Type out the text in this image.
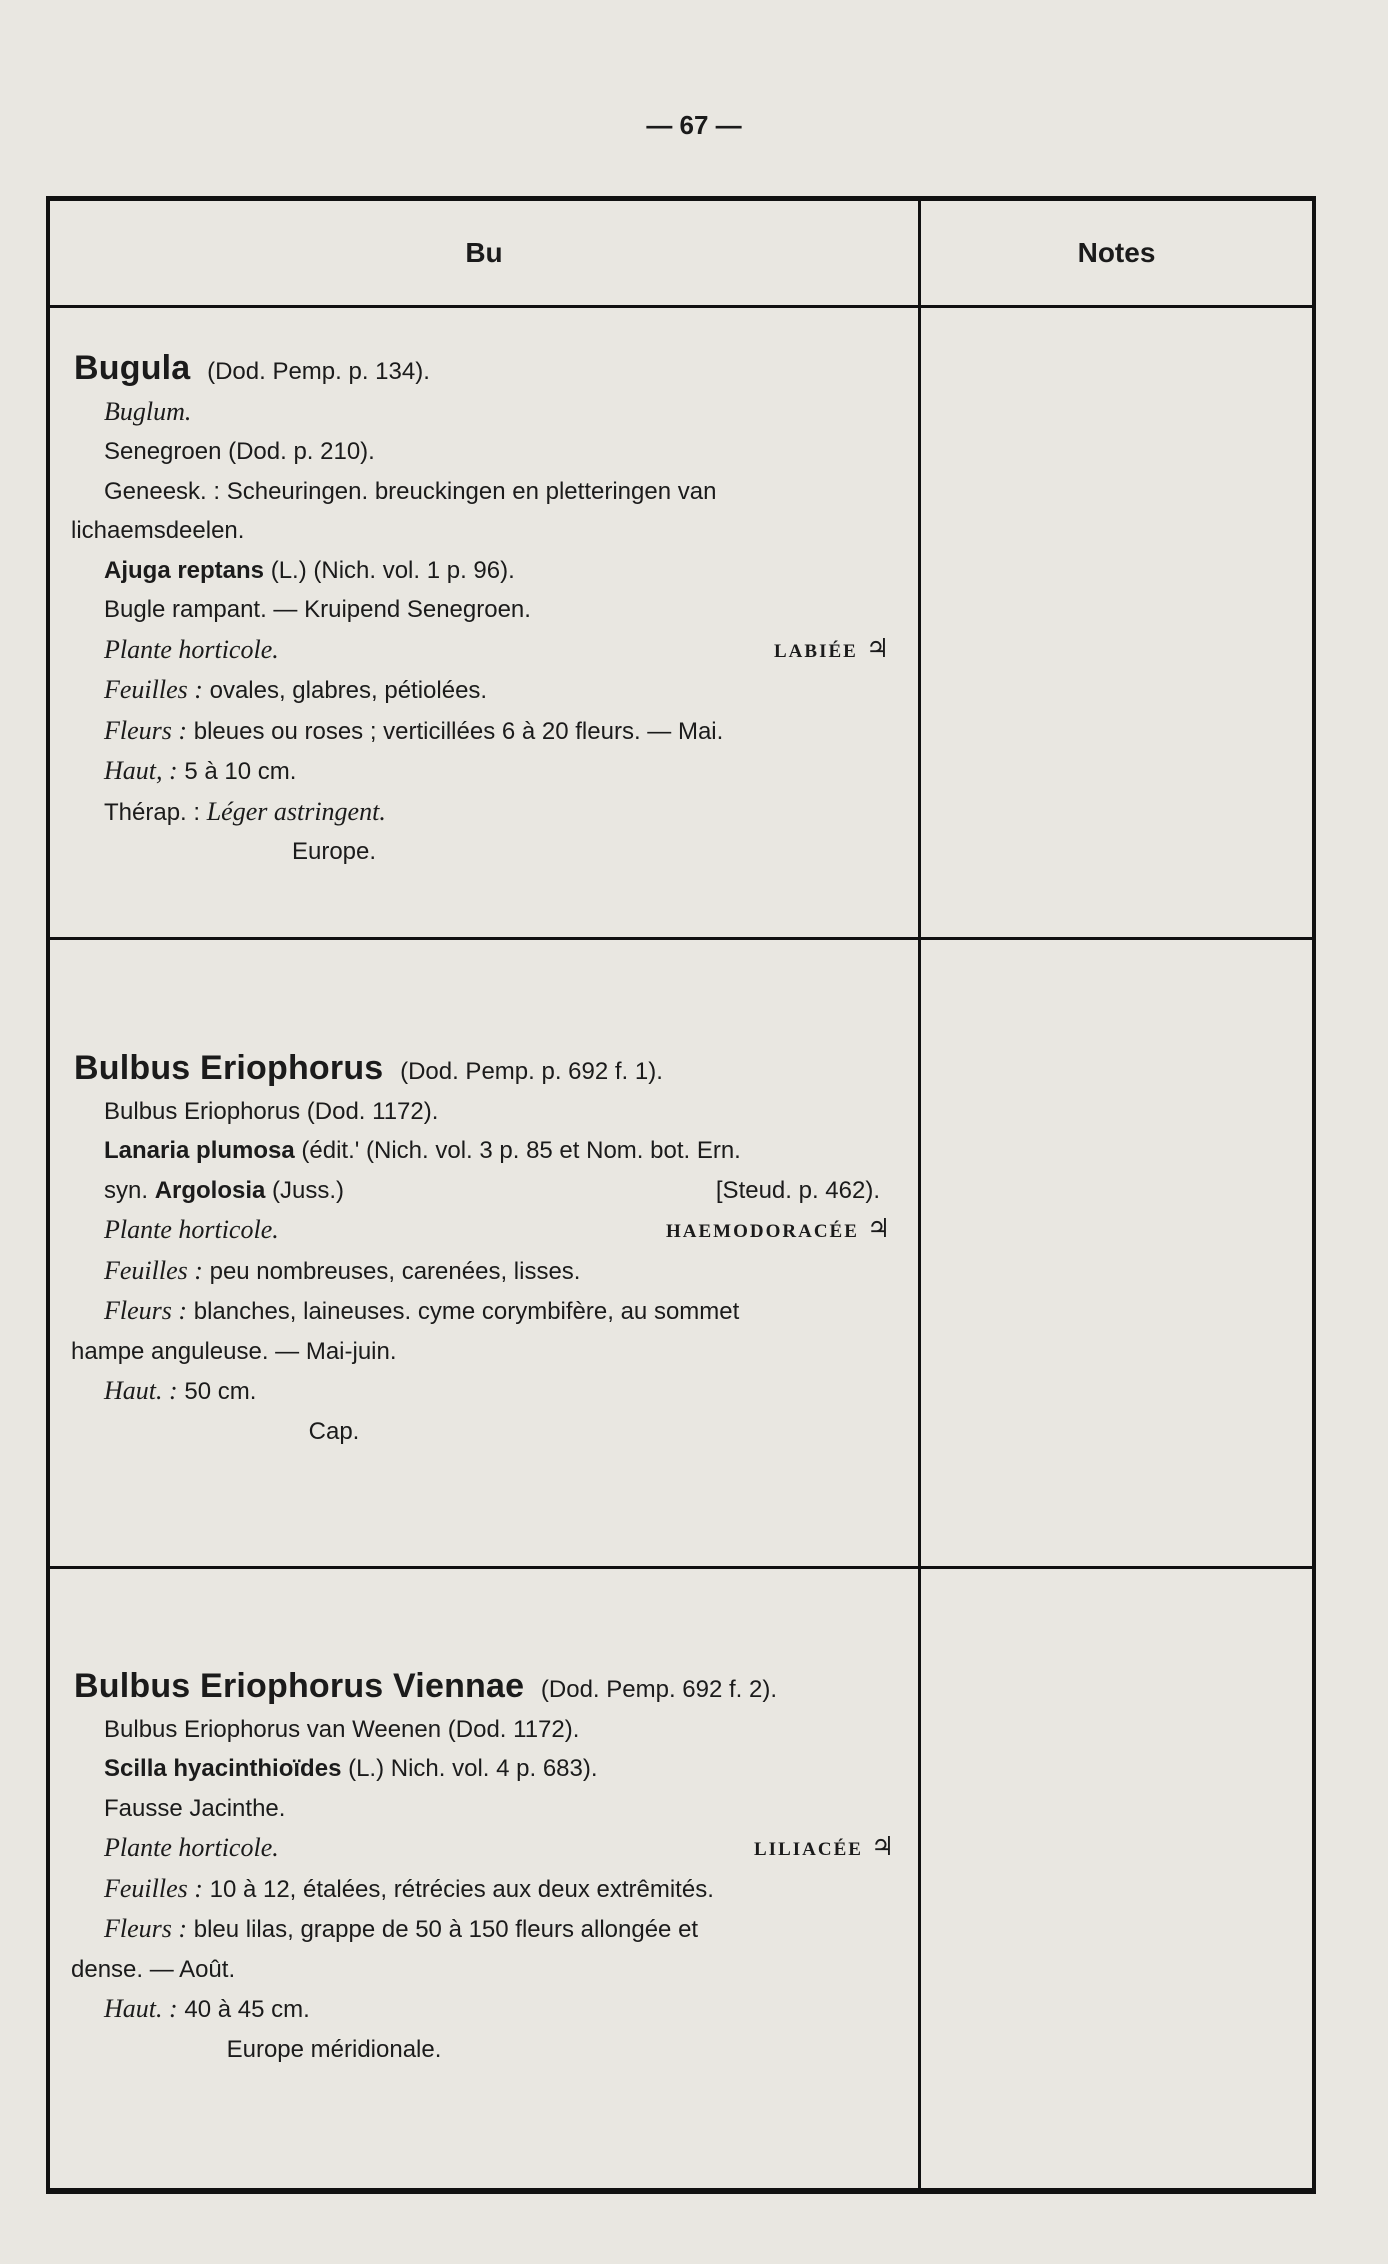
— 67 —
Bu	Notes
Bugula (Dod. Pemp. p. 134).
Buglum.
Senegroen (Dod. p. 210).
Geneesk. : Scheuringen. breuckingen en pletteringen van
lichaemsdeelen.
Ajuga reptans (L.) (Nich. vol. 1 p. 96).
Bugle rampant. — Kruipend Senegroen.
Plante horticole.	LABIÉE ♃
Feuilles : ovales, glabres, pétiolées.
Fleurs : bleues ou roses ; verticillées 6 à 20 fleurs. — Mai.
Haut, : 5 à 10 cm.
Thérap. : Léger astringent.
Europe.
Bulbus Eriophorus (Dod. Pemp. p. 692 f. 1).
Bulbus Eriophorus (Dod. 1172).
Lanaria plumosa (édit.' (Nich. vol. 3 p. 85 et Nom. bot. Ern.
syn. Argolosia (Juss.)	[Steud. p. 462).
Plante horticole.	HAEMODORACÉE ♃
Feuilles : peu nombreuses, carenées, lisses.
Fleurs : blanches, laineuses. cyme corymbifère, au sommet
hampe anguleuse. — Mai-juin.
Haut. : 50 cm.
Cap.
Bulbus Eriophorus Viennae (Dod. Pemp. 692 f. 2).
Bulbus Eriophorus van Weenen (Dod. 1172).
Scilla hyacinthioïdes (L.) Nich. vol. 4 p. 683).
Fausse Jacinthe.
Plante horticole.	LILIACÉE ♃
Feuilles : 10 à 12, étalées, rétrécies aux deux extrêmités.
Fleurs : bleu lilas, grappe de 50 à 150 fleurs allongée et
dense. — Août.
Haut. : 40 à 45 cm.
Europe méridionale.
